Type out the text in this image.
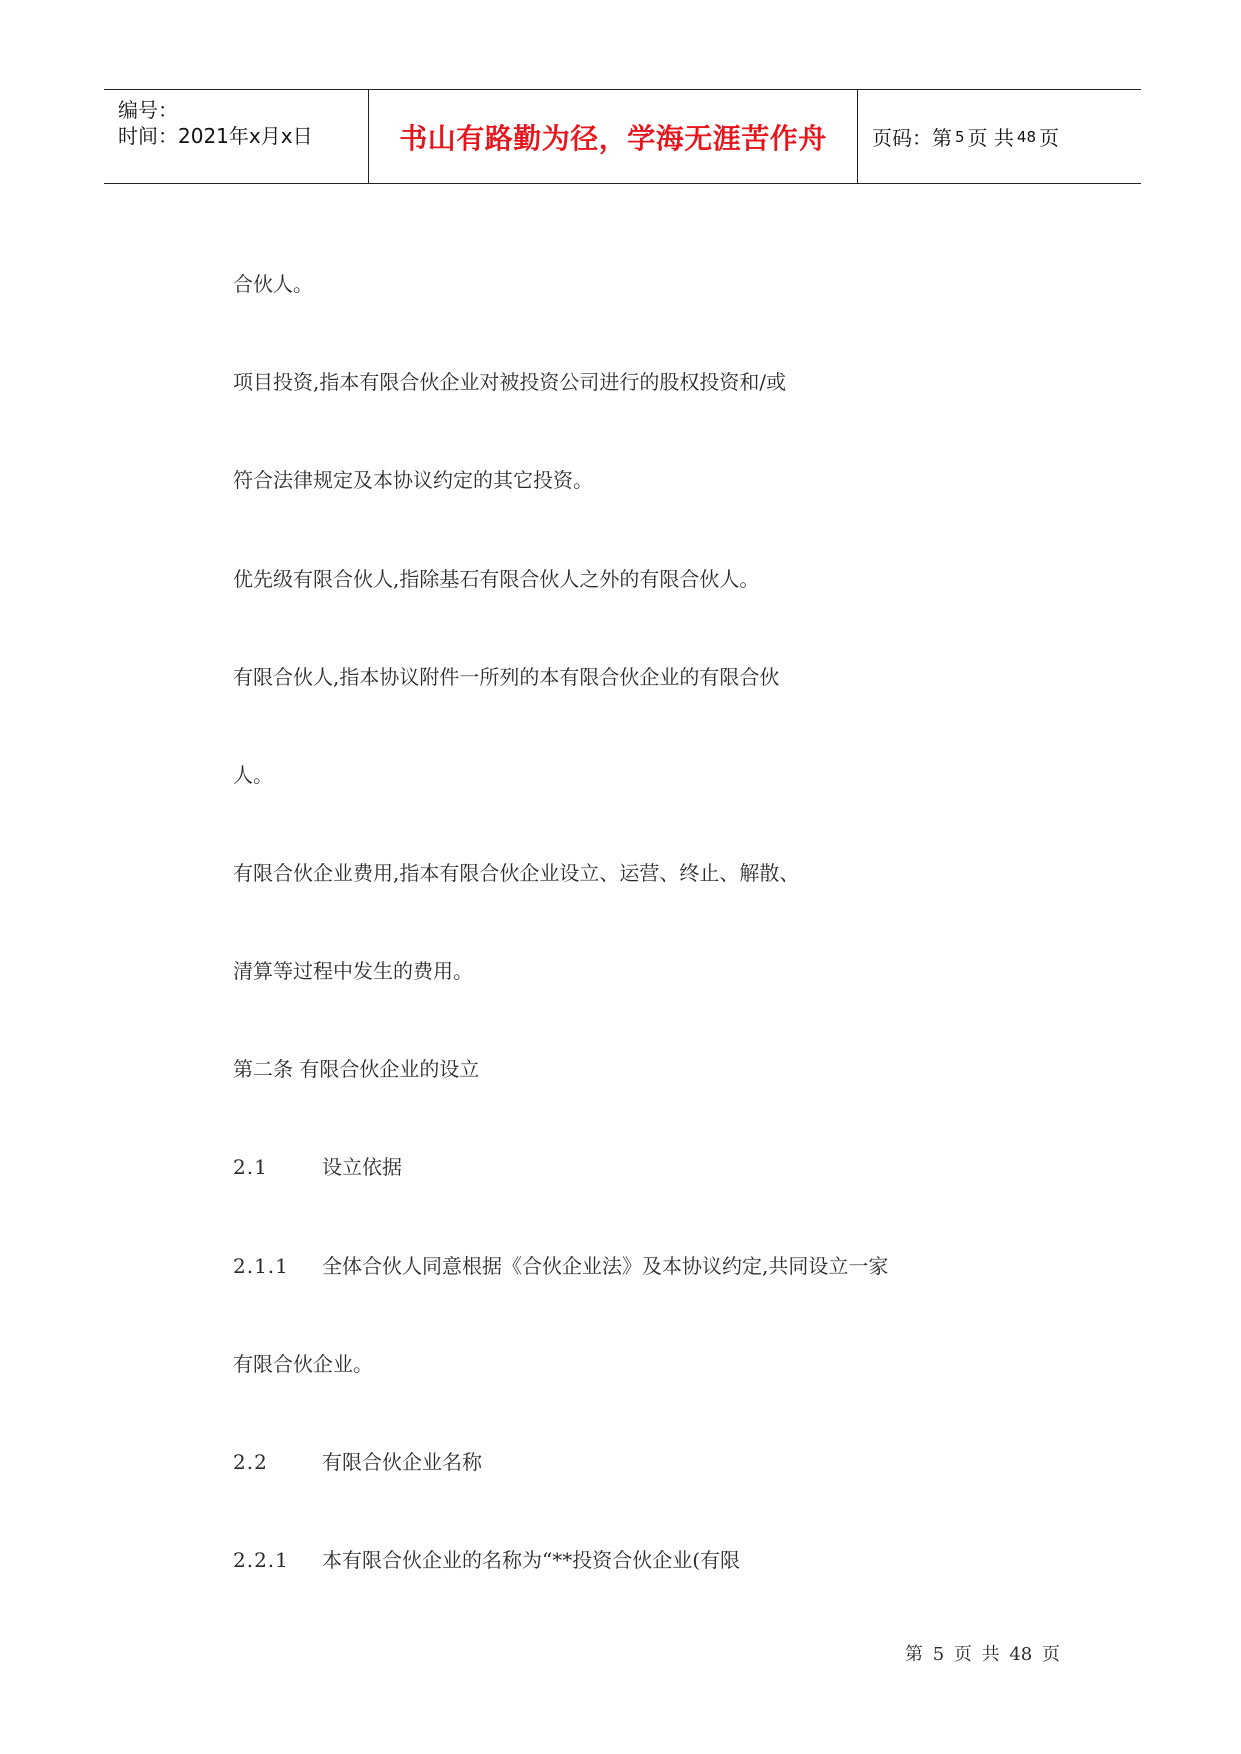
编号：
时间：2021年x月x日	书山有路勤为径，学海无涯苦作舟 页码：第 5 页 共 48 页
合伙人。
项目投资,指本有限合伙企业对被投资公司进行的股权投资和/或
符合法律规定及本协议约定的其它投资。
优先级有限合伙人,指除基石有限合伙人之外的有限合伙人。
有限合伙人,指本协议附件一所列的本有限合伙企业的有限合伙
人。
有限合伙企业费用,指本有限合伙企业设立、运营、终止、解散、
清算等过程中发生的费用。
第二条 有限合伙企业的设立
2.1	设立依据
2.1.1 全体合伙人同意根据《合伙企业法》及本协议约定,共同设立一家
有限合伙企业。
2.2	有限合伙企业名称
2.2.1 本有限合伙企业的名称为“**投资合伙企业(有限
第 5 页 共 48 页
